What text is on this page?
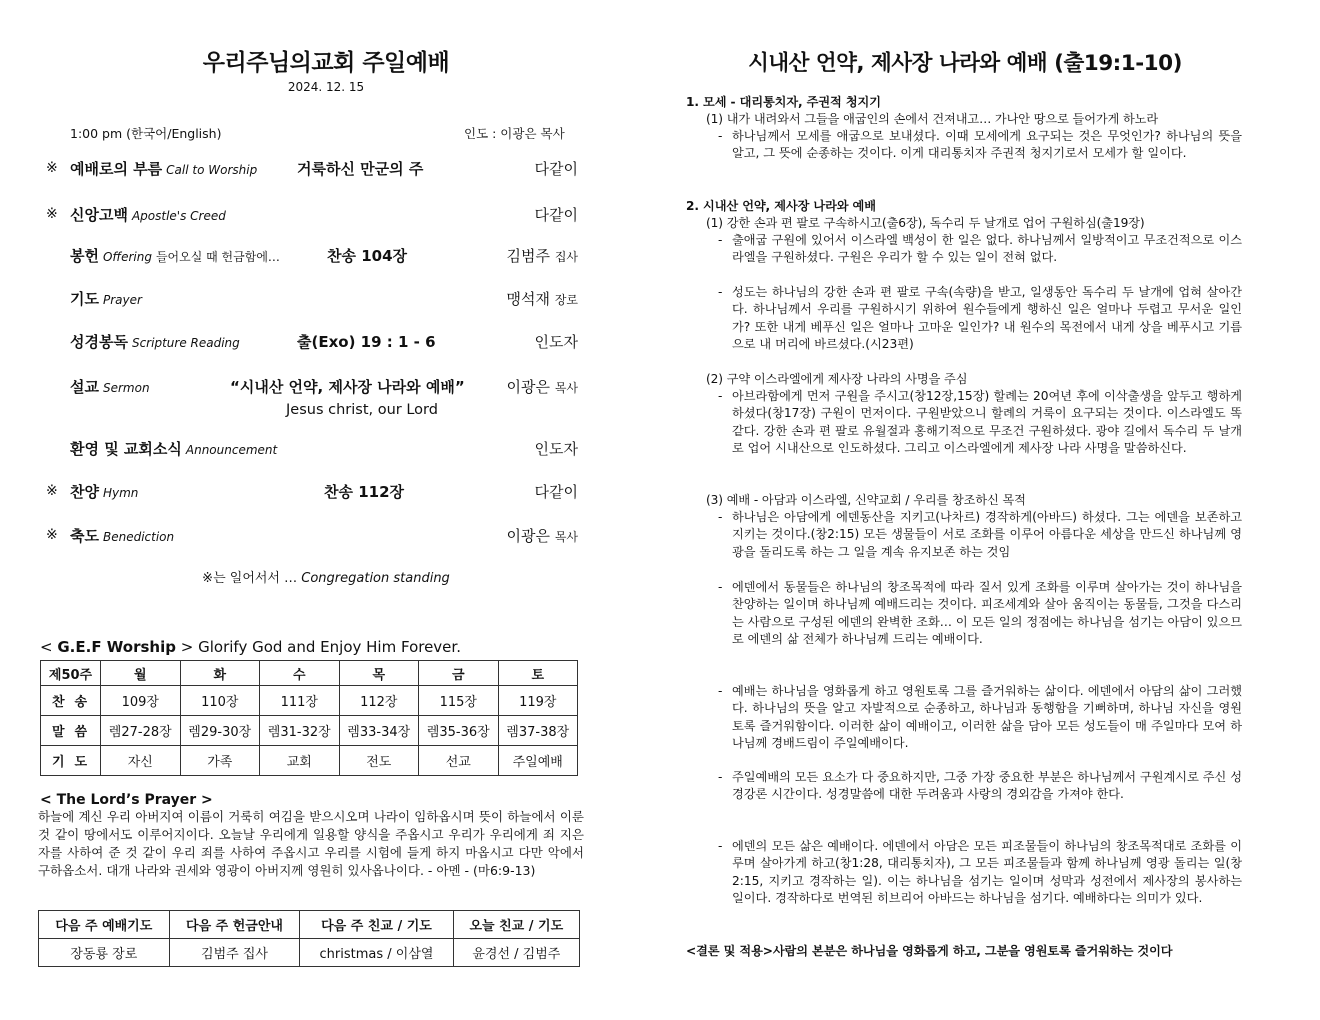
우리주님의교회 주일예배
2024. 12. 15
1:00 pm (한국어/English)	인도 : 이광은 목사
※ 예배로의 부름 Call to Worship	거룩하신 만군의 주	다같이
※ 신앙고백 Apostle's Creed	다같이
봉헌 Offering 들어오실 때 헌금함에…	찬송 104장	김범주 집사
기도 Prayer	맹석재 장로
성경봉독 Scripture Reading	출(Exo) 19 : 1 - 6	인도자
설교 Sermon	“시내산 언약, 제사장 나라와 예배”	이광은 목사
Jesus christ, our Lord
환영 및 교회소식 Announcement	인도자
※ 찬양 Hymn	찬송 112장	다같이
※ 축도 Benediction	이광은 목사
※는 일어서서 … Congregation standing
< G.E.F Worship > Glorify God and Enjoy Him Forever.
제50주	월	화	수	목	금	토
찬송	109장	110장	111장	112장	115장	119장
말씀	렘27-28장	렘29-30장	렘31-32장	렘33-34장	렘35-36장	렘37-38장
기도	자신	가족	교회	전도	선교	주일예배
< The Lord’s Prayer >
하늘에 계신 우리 아버지여 이름이 거룩히 여김을 받으시오며 나라이 임하옵시며 뜻이 하늘에서 이룬 것 같이 땅에서도 이루어지이다. 오늘날 우리에게 일용할 양식을 주옵시고 우리가 우리에게 죄 지은 자를 사하여 준 것 같이 우리 죄를 사하여 주옵시고 우리를 시험에 들게 하지 마옵시고 다만 악에서 구하옵소서. 대개 나라와 권세와 영광이 아버지께 영원히 있사옵나이다. - 아멘 - (마6:9-13)
다음 주 예배기도	다음 주 헌금안내	다음 주 친교 / 기도	오늘 친교 / 기도
장동룡 장로	김범주 집사	christmas / 이삼열	윤경선 / 김범주
시내산 언약, 제사장 나라와 예배 (출19:1-10)
1. 모세 - 대리통치자, 주권적 청지기
(1) 내가 내려와서 그들을 애굽인의 손에서 건져내고… 가나안 땅으로 들어가게 하노라
- 하나님께서 모세를 애굽으로 보내셨다. 이때 모세에게 요구되는 것은 무엇인가? 하나님의 뜻을 알고, 그 뜻에 순종하는 것이다. 이게 대리통치자 주권적 청지기로서 모세가 할 일이다.
2. 시내산 언약, 제사장 나라와 예배
(1) 강한 손과 편 팔로 구속하시고(출6장), 독수리 두 날개로 업어 구원하심(출19장)
- 출애굽 구원에 있어서 이스라엘 백성이 한 일은 없다. 하나님께서 일방적이고 무조건적으로 이스라엘을 구원하셨다. 구원은 우리가 할 수 있는 일이 전혀 없다.
- 성도는 하나님의 강한 손과 편 팔로 구속(속량)을 받고, 일생동안 독수리 두 날개에 업혀 살아간다. 하나님께서 우리를 구원하시기 위하여 원수들에게 행하신 일은 얼마나 두렵고 무서운 일인가? 또한 내게 베푸신 일은 얼마나 고마운 일인가? 내 원수의 목전에서 내게 상을 베푸시고 기름으로 내 머리에 바르셨다.(시23편)
(2) 구약 이스라엘에게 제사장 나라의 사명을 주심
- 아브라함에게 먼저 구원을 주시고(창12장,15장) 할례는 20여년 후에 이삭출생을 앞두고 행하게 하셨다(창17장) 구원이 먼저이다. 구원받았으니 할례의 거룩이 요구되는 것이다. 이스라엘도 똑같다. 강한 손과 편 팔로 유월절과 홍해기적으로 무조건 구원하셨다. 광야 길에서 독수리 두 날개로 업어 시내산으로 인도하셨다. 그리고 이스라엘에게 제사장 나라 사명을 말씀하신다.
(3) 예배 - 아담과 이스라엘, 신약교회 / 우리를 창조하신 목적
- 하나님은 아담에게 에덴동산을 지키고(나차르) 경작하게(아바드) 하셨다. 그는 에덴을 보존하고 지키는 것이다.(창2:15) 모든 생물들이 서로 조화를 이루어 아름다운 세상을 만드신 하나님께 영광을 돌리도록 하는 그 일을 계속 유지보존 하는 것임
- 에덴에서 동물들은 하나님의 창조목적에 따라 질서 있게 조화를 이루며 살아가는 것이 하나님을 찬양하는 일이며 하나님께 예배드리는 것이다. 피조세계와 살아 움직이는 동물들, 그것을 다스리는 사람으로 구성된 에덴의 완벽한 조화… 이 모든 일의 정점에는 하나님을 섬기는 아담이 있으므로 에덴의 삶 전체가 하나님께 드리는 예배이다.
- 예배는 하나님을 영화롭게 하고 영원토록 그를 즐거워하는 삶이다. 에덴에서 아담의 삶이 그러했다. 하나님의 뜻을 알고 자발적으로 순종하고, 하나님과 동행함을 기뻐하며, 하나님 자신을 영원토록 즐거워함이다. 이러한 삶이 예배이고, 이러한 삶을 담아 모든 성도들이 매 주일마다 모여 하나님께 경배드림이 주일예배이다.
- 주일예배의 모든 요소가 다 중요하지만, 그중 가장 중요한 부분은 하나님께서 구원계시로 주신 성경강론 시간이다. 성경말씀에 대한 두려움과 사랑의 경외감을 가져야 한다.
- 에덴의 모든 삶은 예배이다. 에덴에서 아담은 모든 피조물들이 하나님의 창조목적대로 조화를 이루며 살아가게 하고(창1:28, 대리통치자), 그 모든 피조물들과 함께 하나님께 영광 돌리는 일(창2:15, 지키고 경작하는 일). 이는 하나님을 섬기는 일이며 성막과 성전에서 제사장의 봉사하는 일이다. 경작하다로 번역된 히브리어 아바드는 하나님을 섬기다. 예배하다는 의미가 있다.
<결론 및 적용>사람의 본분은 하나님을 영화롭게 하고, 그분을 영원토록 즐거워하는 것이다
